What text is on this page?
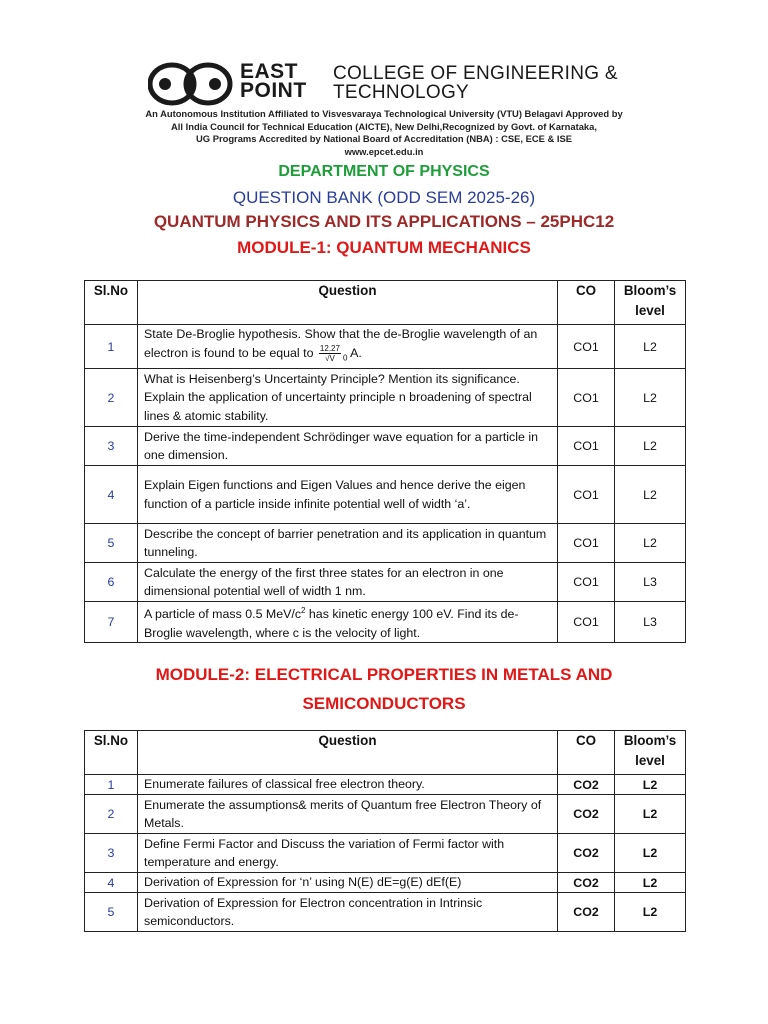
EAST
POINT
COLLEGE OF ENGINEERING &
TECHNOLOGY
An Autonomous Institution Affiliated to Visvesvaraya Technological University (VTU) Belagavi Approved by
All India Council for Technical Education (AICTE), New Delhi,Recognized by Govt. of Karnataka,
UG Programs Accredited by National Board of Accreditation (NBA) : CSE, ECE & ISE
www.epcet.edu.in
DEPARTMENT OF PHYSICS
QUESTION BANK (ODD SEM 2025-26)
QUANTUM PHYSICS AND ITS APPLICATIONS – 25PHC12
MODULE-1: QUANTUM MECHANICS
Sl.No	Question	CO	Bloom’s
level
1	State De-Broglie hypothesis. Show that the de-Broglie wavelength of an electron is found to be equal to $\frac{12.27}{√V} _0$ A.	CO1	L2
2	What is Heisenberg’s Uncertainty Principle? Mention its significance. Explain the application of uncertainty principle n broadening of spectral lines & atomic stability.	CO1	L2
3	Derive the time-independent Schrödinger wave equation for a particle in one dimension.	CO1	L2
4	Explain Eigen functions and Eigen Values and hence derive the eigen function of a particle inside infinite potential well of width ‘a’.	CO1	L2
5	Describe the concept of barrier penetration and its application in quantum tunneling.	CO1	L2
6	Calculate the energy of the first three states for an electron in one dimensional potential well of width 1 nm.	CO1	L3
7	A particle of mass 0.5 MeV/$c^2$ has kinetic energy 100 eV. Find its de- Broglie wavelength, where c is the velocity of light.	CO1	L3
MODULE-2: ELECTRICAL PROPERTIES IN METALS AND
SEMICONDUCTORS
Sl.No	Question	CO	Bloom’s
level
1	Enumerate failures of classical free electron theory.	CO2	L2
2	Enumerate the assumptions& merits of Quantum free Electron Theory of Metals.	CO2	L2
3	Define Fermi Factor and Discuss the variation of Fermi factor with temperature and energy.	CO2	L2
4	Derivation of Expression for ‘n’ using N(E) dE=g(E) dEf(E)	CO2	L2
5	Derivation of Expression for Electron concentration in Intrinsic semiconductors.	CO2	L2
